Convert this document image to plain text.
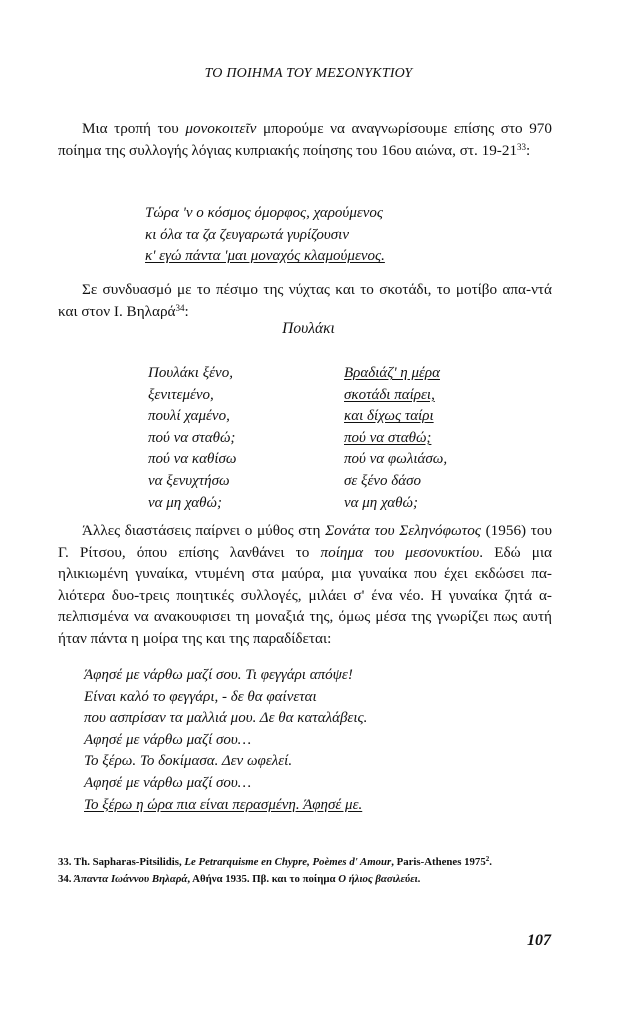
ΤΟ ΠΟΙΗΜΑ ΤΟΥ ΜΕΣΟΝΥΚΤΙΟΥ

Μια τροπή του μονοκοιτεῖν μπορούμε να αναγνωρίσουμε επίσης στο 970 ποίημα της συλλογής λόγιας κυπριακής ποίησης του 16ου αιώνα, στ. $19-21^{33}$:

Τώρα 'ν ο κόσμος όμορφος, χαρούμενος
κι όλα τα ζα ζευγαρωτά γυρίζουσιν
κ' εγώ πάντα 'μαι μοναχός κλαμούμενος.

Σε συνδυασμό με το πέσιμο της νύχτας και το σκοτάδι, το μοτίβο απα-ντά και στον Ι. Βηλαρά$^{34}$:

Πουλάκι
Πουλάκι ξένο,
ξενιτεμένο,
πουλί χαμένο,
πού να σταθώ;
πού να καθίσω
να ξενυχτήσω
να μη χαθώ;
Βραδιάζ' η μέρα
σκοτάδι παίρει,
και δίχως ταίρι
πού να σταθώ;
πού να φωλιάσω,
σε ξένο δάσο
να μη χαθώ;

Άλλες διαστάσεις παίρνει ο μύθος στη Σονάτα του Σεληνόφωτος (1956) του Γ. Ρίτσου, όπου επίσης λανθάνει το ποίημα του μεσονυκτίου. Εδώ μια ηλικιωμένη γυναίκα, ντυμένη στα μαύρα, μια γυναίκα που έχει εκδώσει πα-λιότερα δυο-τρεις ποιητικές συλλογές, μιλάει σ' ένα νέο. Η γυναίκα ζητά α-πελπισμένα να ανακουφισει τη μοναξιά της, όμως μέσα της γνωρίζει πως αυτή ήταν πάντα η μοίρα της και της παραδίδεται:

Άφησέ με νάρθω μαζί σου. Τι φεγγάρι απόψε!
Είναι καλό το φεγγάρι, - δε θα φαίνεται
που ασπρίσαν τα μαλλιά μου. Δε θα καταλάβεις.
Αφησέ με νάρθω μαζί σου…
Το ξέρω. Το δοκίμασα. Δεν ωφελεί.
Αφησέ με νάρθω μαζί σου…
Το ξέρω η ώρα πια είναι περασμένη. Άφησέ με.
33. Th. Sapharas-Pitsilidis, Le Petrarquisme en Chypre, Poèmes d' Amour, Paris-Athenes 1975$^2$.
34. Άπαντα Ιωάννου Βηλαρά, Αθήνα 1935. Πβ. και το ποίημα Ο ήλιος βασιλεύει.
107
